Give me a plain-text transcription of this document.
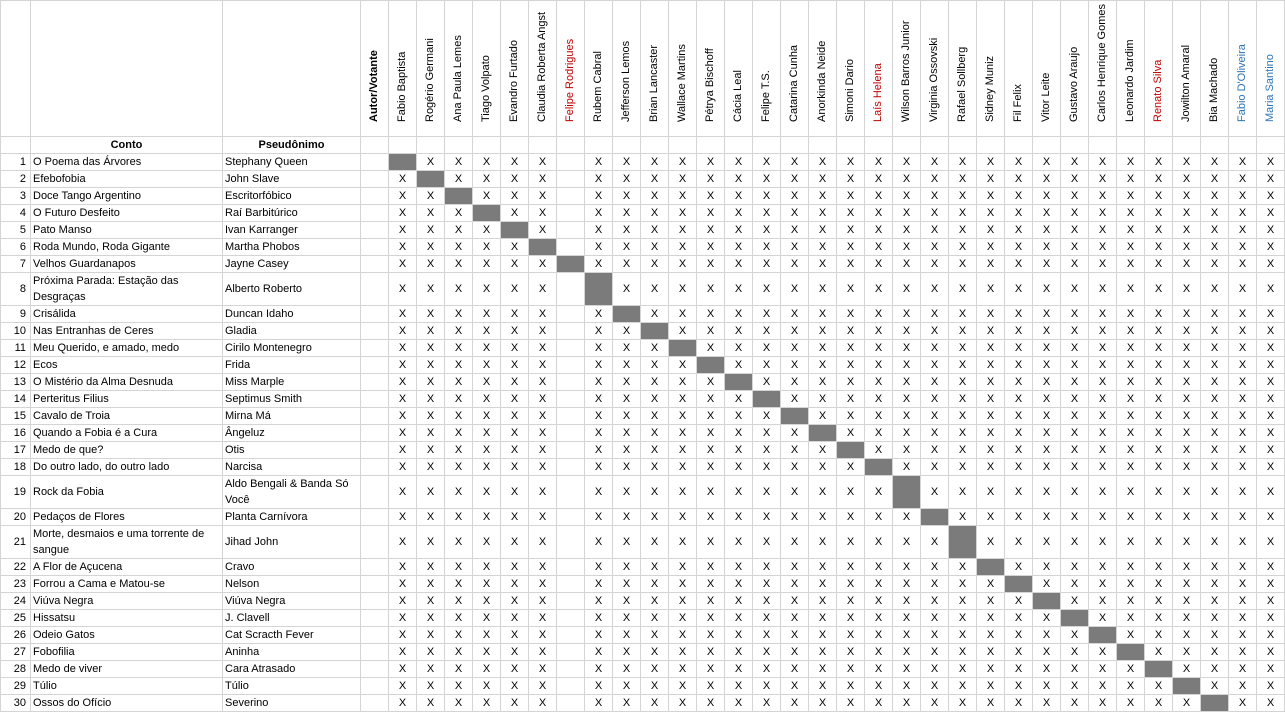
			Autor/Votante	Fabio Baptista	Rogério Germani	Ana Paula Lemes	Tiago Volpato	Evandro Furtado	Claudia Roberta Angst	Felipe Rodrigues	Rubem Cabral	Jefferson Lemos	Brian Lancaster	Wallace Martins	Pétrya Bischoff	Cácia Leal	Felipe T.S.	Catarina Cunha	Anorkinda Neide	Simoni Dario	Laís Helena	Wilson Barros Junior	Virginia Ossovski	Rafael Sollberg	Sidney Muniz	Fil Felix	Vitor Leite	Gustavo Araujo	Carlos Henrique Gomes	Leonardo Jardim	Renato Silva	Jowilton Amaral	Bia Machado	Fabio D'Oliveira	Maria Santino

	Conto	Pseudônimo																																	
1	O Poema das Árvores	Stephany Queen			X	X	X	X	X		X	X	X	X	X	X	X	X	X	X	X	X	X	X	X	X	X	X	X	X	X	X	X	X	X
2	Efebofobia	John Slave		X		X	X	X	X		X	X	X	X	X	X	X	X	X	X	X	X	X	X	X	X	X	X	X	X	X	X	X	X	X
3	Doce Tango Argentino	Escritorfóbico		X	X		X	X	X		X	X	X	X	X	X	X	X	X	X	X	X	X	X	X	X	X	X	X	X	X	X	X	X	X
4	O Futuro Desfeito	Raí Barbitúrico		X	X	X		X	X		X	X	X	X	X	X	X	X	X	X	X	X	X	X	X	X	X	X	X	X	X	X	X	X	X
5	Pato Manso	Ivan Karranger		X	X	X	X		X		X	X	X	X	X	X	X	X	X	X	X	X	X	X	X	X	X	X	X	X	X	X	X	X	X
6	Roda Mundo, Roda Gigante	Martha Phobos		X	X	X	X	X			X	X	X	X	X	X	X	X	X	X	X	X	X	X	X	X	X	X	X	X	X	X	X	X	X
7	Velhos Guardanapos	Jayne Casey		X	X	X	X	X	X		X	X	X	X	X	X	X	X	X	X	X	X	X	X	X	X	X	X	X	X	X	X	X	X	X
8	Próxima Parada: Estação das Desgraças	Alberto Roberto		X	X	X	X	X	X			X	X	X	X	X	X	X	X	X	X	X	X	X	X	X	X	X	X	X	X	X	X	X	X
9	Crisálida	Duncan Idaho		X	X	X	X	X	X		X		X	X	X	X	X	X	X	X	X	X	X	X	X	X	X	X	X	X	X	X	X	X	X
10	Nas Entranhas de Ceres	Gladia		X	X	X	X	X	X		X	X		X	X	X	X	X	X	X	X	X	X	X	X	X	X	X	X	X	X	X	X	X	X
11	Meu Querido, e amado, medo	Cirilo Montenegro		X	X	X	X	X	X		X	X	X		X	X	X	X	X	X	X	X	X	X	X	X	X	X	X	X	X	X	X	X	X
12	Ecos	Frida		X	X	X	X	X	X		X	X	X	X		X	X	X	X	X	X	X	X	X	X	X	X	X	X	X	X	X	X	X	X
13	O Mistério da Alma Desnuda	Miss Marple		X	X	X	X	X	X		X	X	X	X	X		X	X	X	X	X	X	X	X	X	X	X	X	X	X	X	X	X	X	X
14	Perteritus Filius	Septimus Smith		X	X	X	X	X	X		X	X	X	X	X	X		X	X	X	X	X	X	X	X	X	X	X	X	X	X	X	X	X	X
15	Cavalo de Troia	Mirna Má		X	X	X	X	X	X		X	X	X	X	X	X	X		X	X	X	X	X	X	X	X	X	X	X	X	X	X	X	X	X
16	Quando a Fobia é a Cura	Ângeluz		X	X	X	X	X	X		X	X	X	X	X	X	X	X		X	X	X	X	X	X	X	X	X	X	X	X	X	X	X	X
17	Medo de que?	Otis		X	X	X	X	X	X		X	X	X	X	X	X	X	X	X		X	X	X	X	X	X	X	X	X	X	X	X	X	X	X
18	Do outro lado, do outro lado	Narcisa		X	X	X	X	X	X		X	X	X	X	X	X	X	X	X	X		X	X	X	X	X	X	X	X	X	X	X	X	X	X
19	Rock da Fobia	Aldo Bengali & Banda Só Você		X	X	X	X	X	X		X	X	X	X	X	X	X	X	X	X	X		X	X	X	X	X	X	X	X	X	X	X	X	X
20	Pedaços de Flores	Planta Carnívora		X	X	X	X	X	X		X	X	X	X	X	X	X	X	X	X	X	X		X	X	X	X	X	X	X	X	X	X	X	X
21	Morte, desmaios e uma torrente de sangue	Jihad John		X	X	X	X	X	X		X	X	X	X	X	X	X	X	X	X	X	X	X		X	X	X	X	X	X	X	X	X	X	X
22	A Flor de Açucena	Cravo		X	X	X	X	X	X		X	X	X	X	X	X	X	X	X	X	X	X	X	X		X	X	X	X	X	X	X	X	X	X
23	Forrou a Cama e Matou-se	Nelson		X	X	X	X	X	X		X	X	X	X	X	X	X	X	X	X	X	X	X	X	X		X	X	X	X	X	X	X	X	X
24	Viúva Negra	Viúva Negra		X	X	X	X	X	X		X	X	X	X	X	X	X	X	X	X	X	X	X	X	X	X		X	X	X	X	X	X	X	X
25	Hissatsu	J. Clavell		X	X	X	X	X	X		X	X	X	X	X	X	X	X	X	X	X	X	X	X	X	X	X		X	X	X	X	X	X	X
26	Odeio Gatos	Cat Scracth Fever		X	X	X	X	X	X		X	X	X	X	X	X	X	X	X	X	X	X	X	X	X	X	X	X		X	X	X	X	X	X
27	Fobofilia	Aninha		X	X	X	X	X	X		X	X	X	X	X	X	X	X	X	X	X	X	X	X	X	X	X	X	X		X	X	X	X	X
28	Medo de viver	Cara Atrasado		X	X	X	X	X	X		X	X	X	X	X	X	X	X	X	X	X	X	X	X	X	X	X	X	X	X		X	X	X	X
29	Túlio	Túlio		X	X	X	X	X	X		X	X	X	X	X	X	X	X	X	X	X	X	X	X	X	X	X	X	X	X	X		X	X	X
30	Ossos do Ofício	Severino		X	X	X	X	X	X		X	X	X	X	X	X	X	X	X	X	X	X	X	X	X	X	X	X	X	X	X	X		X	X
